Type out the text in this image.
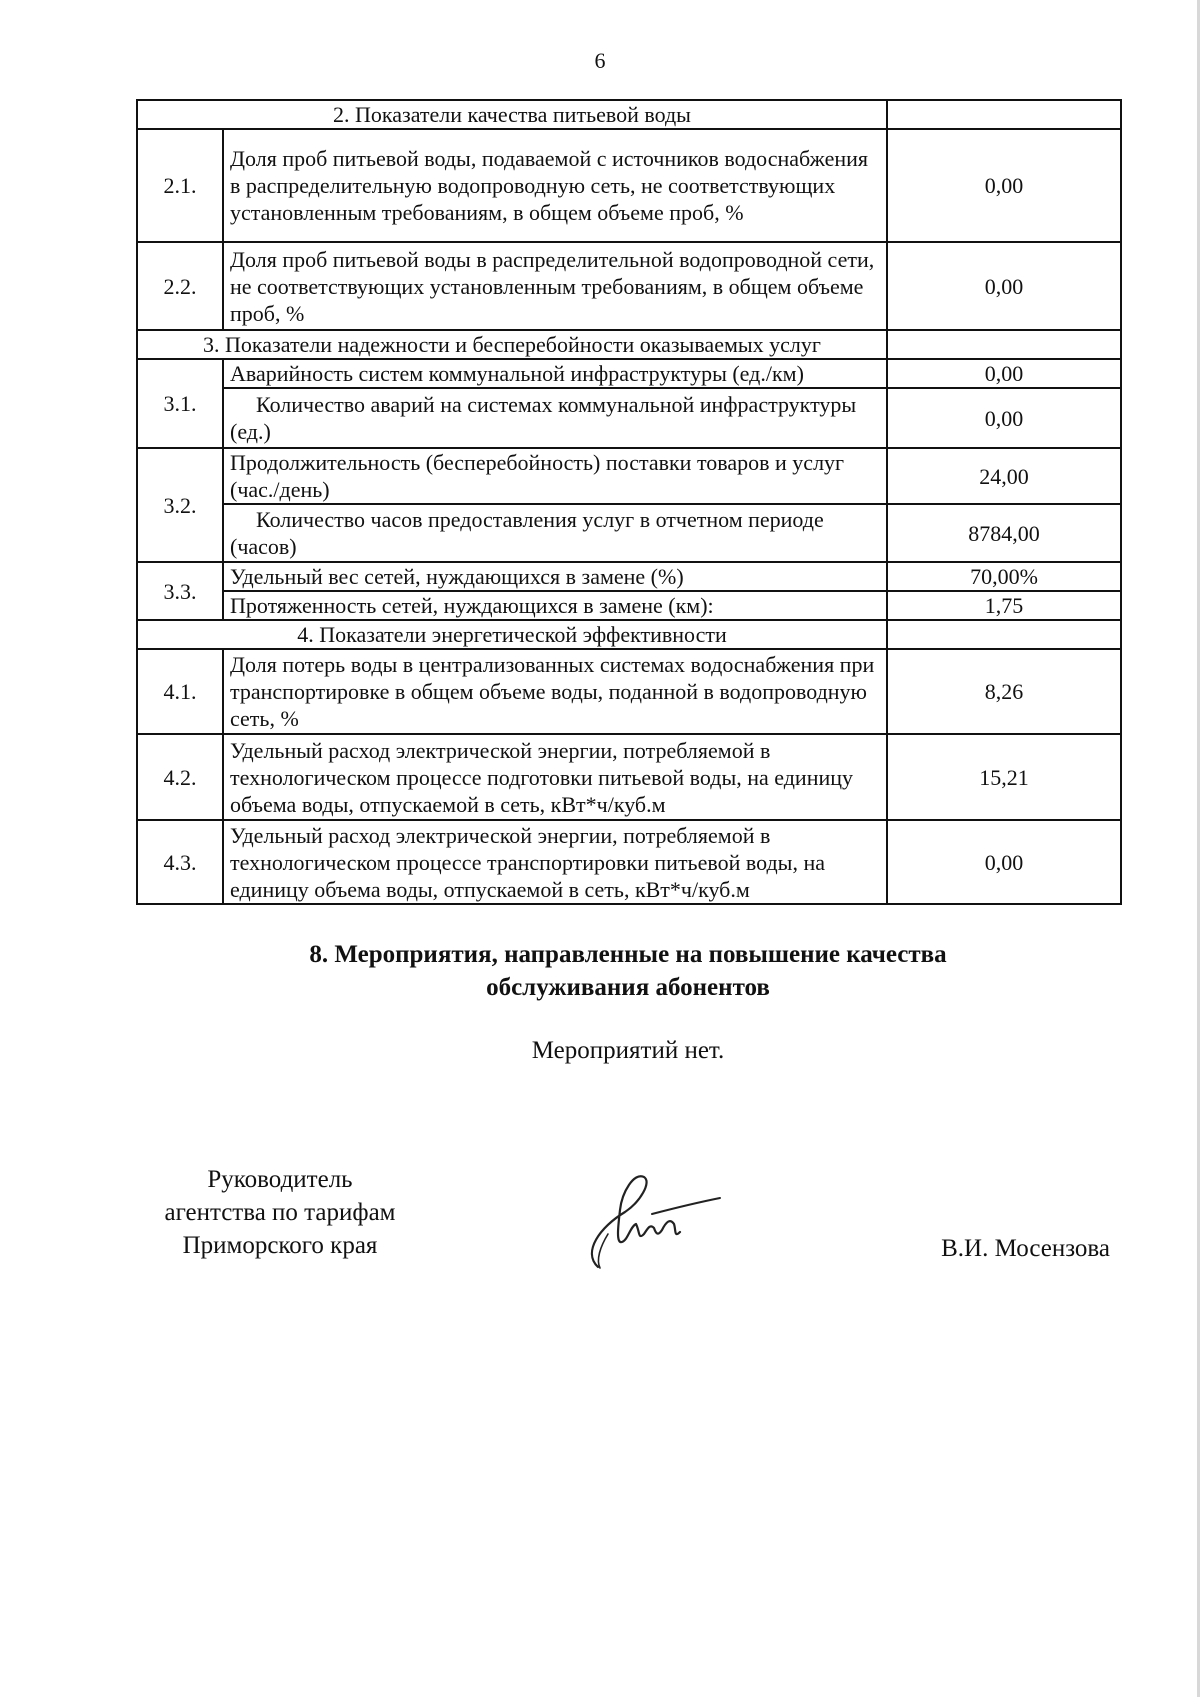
6
2. Показатели качества питьевой воды		
2.1.	Доля проб питьевой воды, подаваемой с источников водоснабжения в распределительную водопроводную сеть, не соответствующих установленным требованиям, в общем объеме проб, %	0,00
2.2.	Доля проб питьевой воды в распределительной водопроводной сети, не соответствующих установленным требованиям, в общем объеме проб, %	0,00
3. Показатели надежности и бесперебойности оказываемых услуг		
3.1.	Аварийность систем коммунальной инфраструктуры (ед./км)	0,00
	Количество аварий на системах коммунальной инфраструктуры (ед.)	0,00
3.2.	Продолжительность (бесперебойность) поставки товаров и услуг (час./день)	24,00
	Количество часов предоставления услуг в отчетном периоде (часов)	8784,00
3.3.	Удельный вес сетей, нуждающихся в замене (%)	70,00%
	Протяженность сетей, нуждающихся в замене (км):	1,75
4. Показатели энергетической эффективности		
4.1.	Доля потерь воды в централизованных системах водоснабжения при транспортировке в общем объеме воды, поданной в водопроводную сеть, %	8,26
4.2.	Удельный расход электрической энергии, потребляемой в технологическом процессе подготовки питьевой воды, на единицу объема воды, отпускаемой в сеть, кВт*ч/куб.м	15,21
4.3.	Удельный расход электрической энергии, потребляемой в технологическом процессе транспортировки питьевой воды, на единицу объема воды, отпускаемой в сеть, кВт*ч/куб.м	0,00
8. Мероприятия, направленные на повышение качества
обслуживания абонентов
Мероприятий нет.
Руководитель
агентства по тарифам
Приморского края	В.И. Мосензова
